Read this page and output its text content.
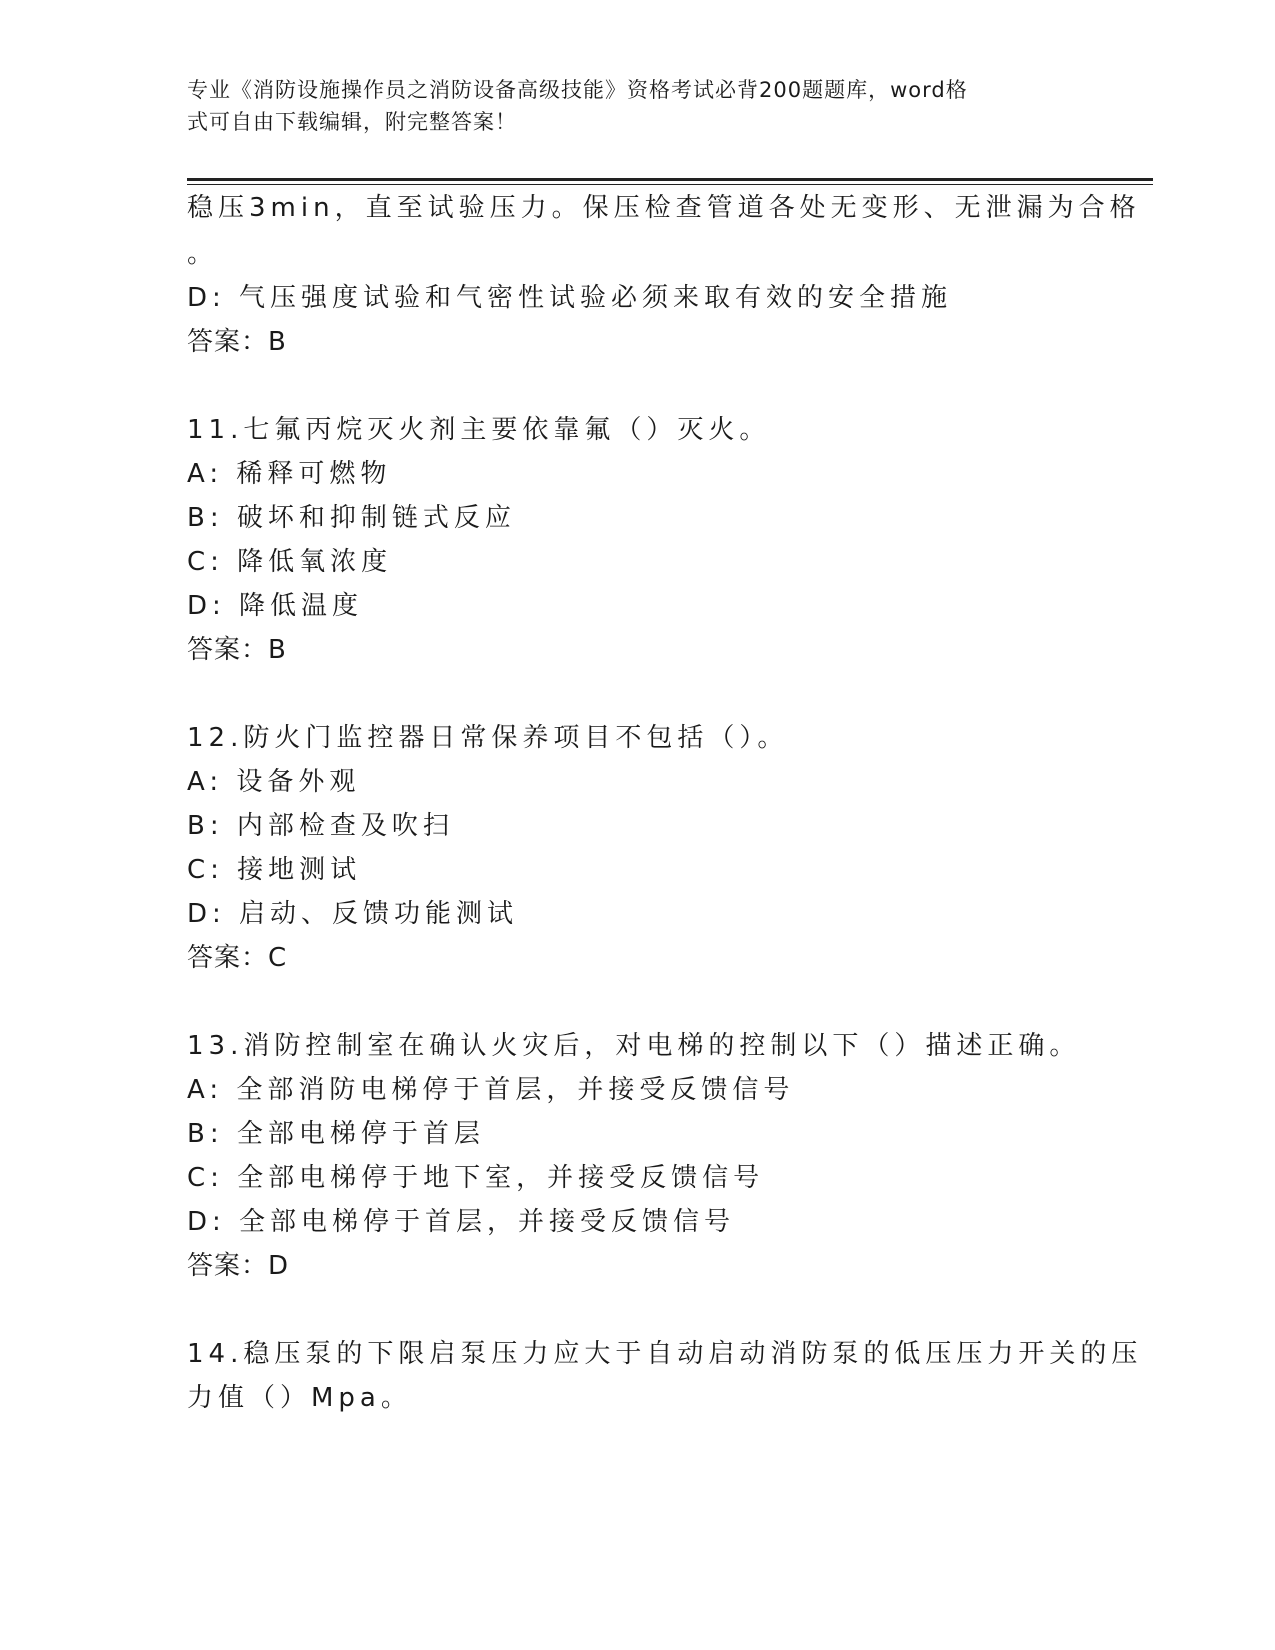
专业《消防设施操作员之消防设备高级技能》资格考试必背200题题库，word格
式可自由下载编辑，附完整答案！
稳压3min，直至试验压力。保压检查管道各处无变形、无泄漏为合格
。
D: 气压强度试验和气密性试验必须来取有效的安全措施
答案：B
11.七氟丙烷灭火剂主要依靠氟（）灭火。
A: 稀释可燃物
B: 破坏和抑制链式反应
C: 降低氧浓度
D: 降低温度
答案：B
12.防火门监控器日常保养项目不包括（）。
A: 设备外观
B: 内部检查及吹扫
C: 接地测试
D: 启动、反馈功能测试
答案：C
13.消防控制室在确认火灾后，对电梯的控制以下（）描述正确。
A: 全部消防电梯停于首层，并接受反馈信号
B: 全部电梯停于首层
C: 全部电梯停于地下室，并接受反馈信号
D: 全部电梯停于首层，并接受反馈信号
答案：D
14.稳压泵的下限启泵压力应大于自动启动消防泵的低压压力开关的压
力值（）Mpa。
